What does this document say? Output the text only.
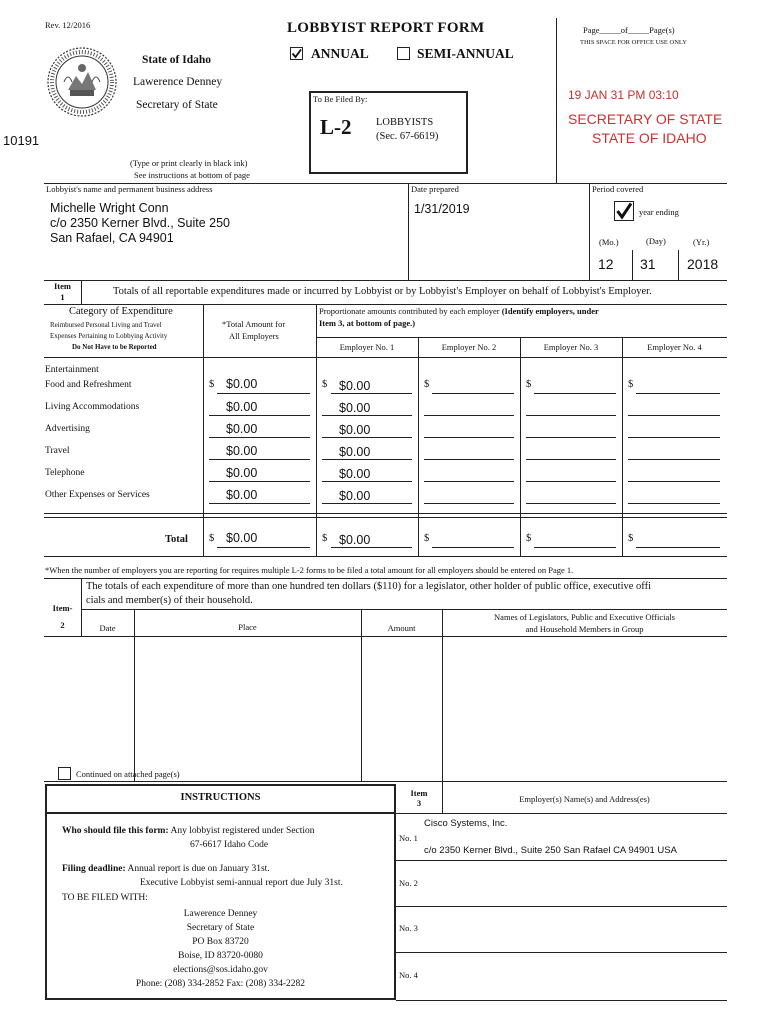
Rev. 12/2016
State of Idaho
Lawerence Denney
Secretary of State
10191
(Type or print clearly in black ink)
See instructions at bottom of page
LOBBYIST REPORT FORM
ANNUAL	SEMI-ANNUAL
To Be Filed By:
L-2 LOBBYISTS
(Sec. 67-6619)
Page_____of_____Page(s)
THIS SPACE FOR OFFICE USE ONLY
19 JAN 31 PM 03:10
SECRETARY OF STATE
STATE OF IDAHO
Lobbyist's name and permanent business address
Michelle Wright Conn
c/o 2350 Kerner Blvd., Suite 250
San Rafael, CA 94901
Date prepared
1/31/2019
Period covered
year ending
(Mo.)	(Day)	(Yr.)
12 31 2018
Item
1	Totals of all reportable expenditures made or incurred by Lobbyist or by Lobbyist's Employer on behalf of Lobbyist's Employer.
Category of Expenditure
Reimbursed Personal Living and Travel
Expenses Pertaining to Lobbying Activity
Do Not Have to be Reported
*Total Amount for
All Employers
Proportionate amounts contributed by each employer (Identify employers, under
Item 3, at bottom of page.)
Employer No. 1	Employer No. 2	Employer No. 3	Employer No. 4
Entertainment
Food and Refreshment	$ $0.00	$ $0.00	$	$	$
Living Accommodations	$0.00	$0.00
Advertising	$0.00	$0.00
Travel	$0.00	$0.00
Telephone	$0.00	$0.00
Other Expenses or Services	$0.00	$0.00
Total $ $0.00	$ $0.00	$	$	$
*When the number of employers you are reporting for requires multiple L-2 forms to be filed a total amount for all employers should be entered on Page 1.
Item-
2
The totals of each expenditure of more than one hundred ten dollars ($110) for a legislator, other holder of public office, executive offi
cials and member(s) of their household.
Date	Place	Amount
Names of Legislators, Public and Executive Officials
and Household Members in Group
Continued on attached page(s)
INSTRUCTIONS
Who should file this form: Any lobbyist registered under Section
67-6617 Idaho Code
Filing deadline: Annual report is due on January 31st.
Executive Lobbyist semi-annual report due July 31st.
TO BE FILED WITH:
Lawerence Denney
Secretary of State
PO Box 83720
Boise, ID 83720-0080
elections@sos.idaho.gov
Phone: (208) 334-2852 Fax: (208) 334-2282
Item
3	Employer(s) Name(s) and Address(es)
No. 1
Cisco Systems, Inc.
c/o 2350 Kerner Blvd., Suite 250 San Rafael CA 94901 USA
No. 2
No. 3
No. 4
